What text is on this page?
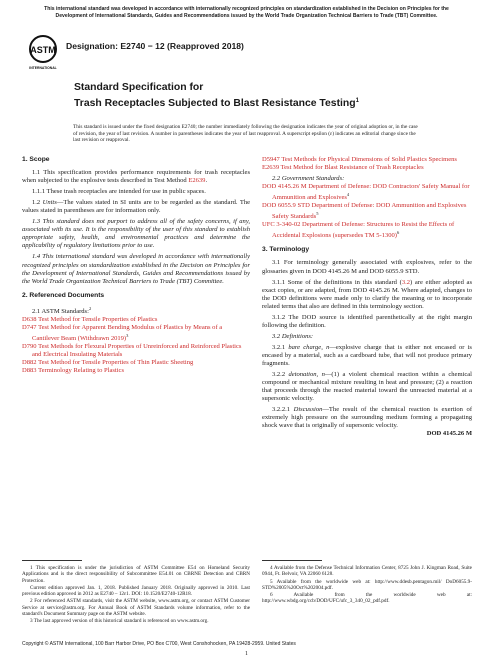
This international standard was developed in accordance with internationally recognized principles on standardization established in the Decision on Principles for the Development of International Standards, Guides and Recommendations issued by the World Trade Organization Technical Barriers to Trade (TBT) Committee.
ASTM
INTERNATIONAL
Designation: E2740 − 12 (Reapproved 2018)
Standard Specification for
Trash Receptacles Subjected to Blast Resistance Testing$^1$
This standard is issued under the fixed designation E2740; the number immediately following the designation indicates the year of original adoption or, in the case of revision, the year of last revision. A number in parentheses indicates the year of last reapproval. A superscript epsilon (ε) indicates an editorial change since the last revision or reapproval.

1. Scope

1.1 This specification provides performance requirements for trash receptacles when subjected to the explosive tests described in Test Method E2639.

1.1.1 These trash receptacles are intended for use in public spaces.

1.2 Units—The values stated in SI units are to be regarded as the standard. The values stated in parentheses are for information only.

1.3 This standard does not purport to address all of the safety concerns, if any, associated with its use. It is the responsibility of the user of this standard to establish appropriate safety, health, and environmental practices and determine the applicability of regulatory limitations prior to use.

1.4 This international standard was developed in accordance with internationally recognized principles on standardization established in the Decision on Principles for the Development of International Standards, Guides and Recommendations issued by the World Trade Organization Technical Barriers to Trade (TBT) Committee.

2. Referenced Documents

2.1 ASTM Standards:$^2$

D638 Test Method for Tensile Properties of Plastics

D747 Test Method for Apparent Bending Modulus of Plastics by Means of a Cantilever Beam (Withdrawn 2019)$^3$

D790 Test Methods for Flexural Properties of Unreinforced and Reinforced Plastics and Electrical Insulating Materials

D882 Test Method for Tensile Properties of Thin Plastic Sheeting

D883 Terminology Relating to Plastics

D5947 Test Methods for Physical Dimensions of Solid Plastics Specimens

E2639 Test Method for Blast Resistance of Trash Receptacles

2.2 Government Standards:

DOD 4145.26 M Department of Defense: DOD Contractors' Safety Manual for Ammunition and Explosives$^4$

DOD 6055.9 STD Department of Defense: DOD Ammunition and Explosives Safety Standards$^5$

UFC 3-340-02 Department of Defense: Structures to Resist the Effects of Accidental Explosions (supersedes TM 5-1300)$^6$

3. Terminology

3.1 For terminology generally associated with explosives, refer to the glossaries given in DOD 4145.26 M and DOD 6055.9 STD.

3.1.1 Some of the definitions in this standard (3.2) are either adopted as exact copies, or are adapted, from DOD 4145.26 M. Where adapted, changes to the DOD definitions were made only to clarify the meaning or to incorporate related terms that also are defined in this terminology section.

3.1.2 The DOD source is identified parenthetically at the right margin following the definition.

3.2 Definitions:

3.2.1 bare charge, n—explosive charge that is either not encased or is encased by a material, such as a cardboard tube, that will not produce primary fragments.

3.2.2 detonation, n—(1) a violent chemical reaction within a chemical compound or mechanical mixture resulting in heat and pressure; (2) a reaction that proceeds through the reacted material toward the unreacted material at a supersonic velocity.

3.2.2.1 Discussion—The result of the chemical reaction is exertion of extremely high pressure on the surrounding medium forming a propagating shock wave that is originally of supersonic velocity.

DOD 4145.26 M

1 This specification is under the jurisdiction of ASTM Committee E54 on Homeland Security Applications and is the direct responsibility of Subcommittee E54.01 on CBRNE Detection and CBRN Protection.

Current edition approved Jan. 1, 2018. Published January 2018. Originally approved in 2010. Last previous edition approved in 2012 as E2740 – 12ε1. DOI: 10.1520/E2740-12R18.

2 For referenced ASTM standards, visit the ASTM website, www.astm.org, or contact ASTM Customer Service at service@astm.org. For Annual Book of ASTM Standards volume information, refer to the standard's Document Summary page on the ASTM website.

3 The last approved version of this historical standard is referenced on www.astm.org.

4 Available from the Defense Technical Information Center, 8725 John J. Kingman Road, Suite 0944, Ft. Belvoir, VA 22060 6128.

5 Available from the worldwide web at: http://www.ddesb.pentagon.mil/ DoD6055.9-STD%2005%20Oct%202004.pdf.

6 Available from the worldwide web at: http://www.wbdg.org/ccb/DOD/UFC/ufc_3_340_02_pdf.pdf.

Copyright © ASTM International, 100 Barr Harbor Drive, PO Box C700, West Conshohocken, PA 19428-2959. United States
1
